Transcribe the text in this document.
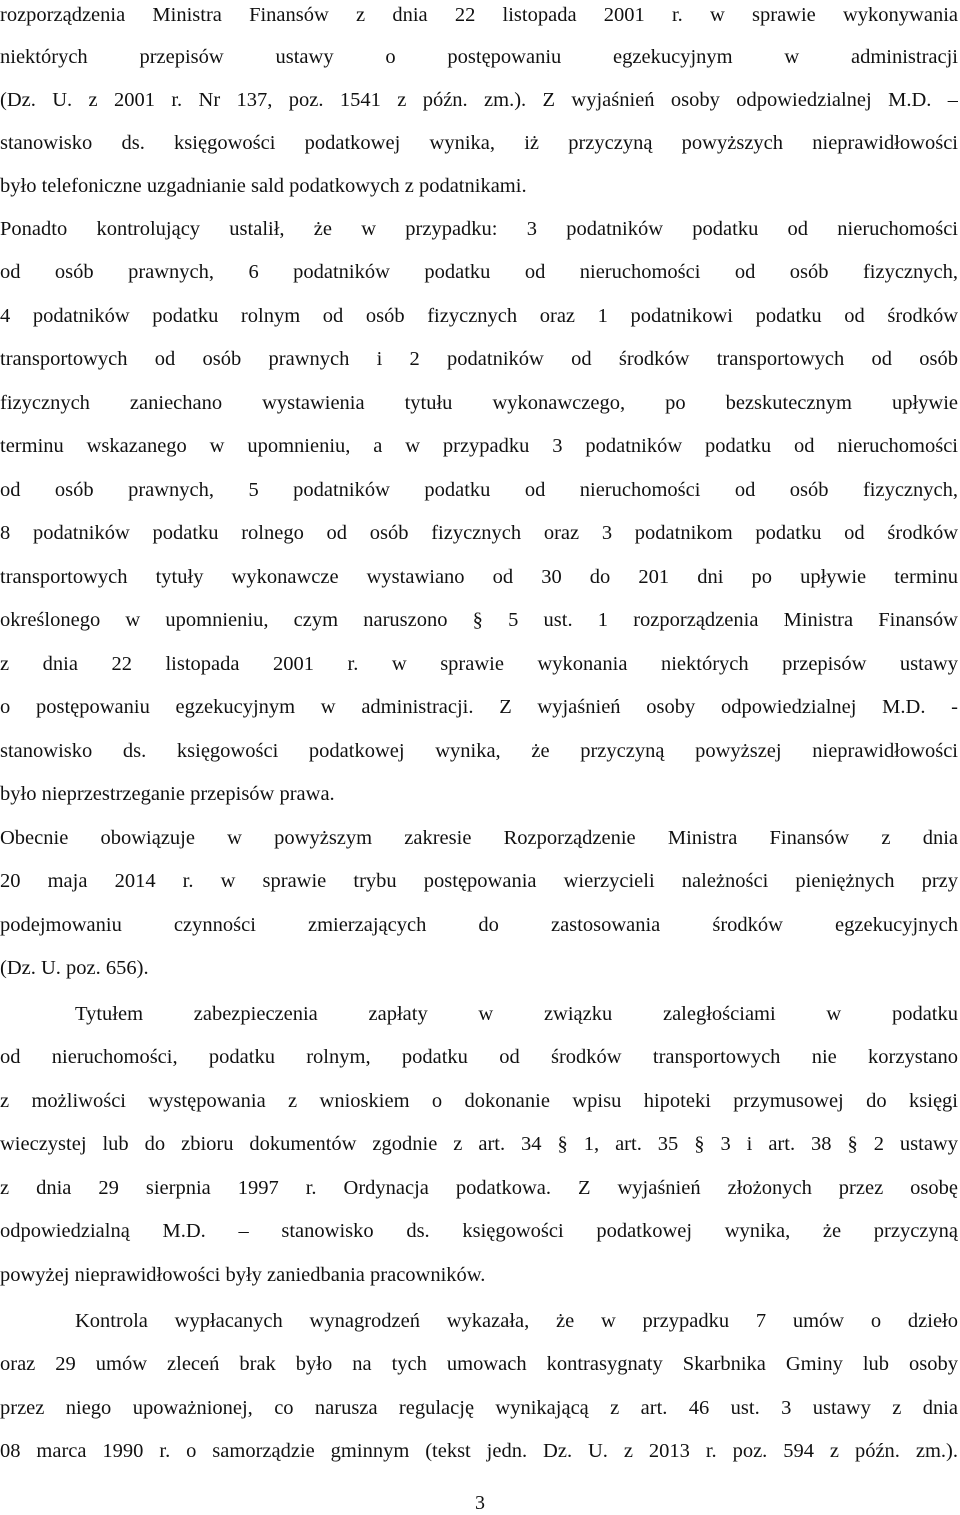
rozporządzenia Ministra Finansów z dnia 22 listopada 2001 r. w sprawie wykonywania
niektórych przepisów ustawy o postępowaniu egzekucyjnym w administracji
(Dz. U. z 2001 r. Nr 137, poz. 1541 z późn. zm.). Z wyjaśnień osoby odpowiedzialnej M.D. –
stanowisko ds. księgowości podatkowej wynika, iż przyczyną powyższych nieprawidłowości
było telefoniczne uzgadnianie sald podatkowych z podatnikami.
Ponadto kontrolujący ustalił, że w przypadku: 3 podatników podatku od nieruchomości
od osób prawnych, 6 podatników podatku od nieruchomości od osób fizycznych,
4 podatników podatku rolnym od osób fizycznych oraz 1 podatnikowi podatku od środków
transportowych od osób prawnych i 2 podatników od środków transportowych od osób
fizycznych zaniechano wystawienia tytułu wykonawczego, po bezskutecznym upływie
terminu wskazanego w upomnieniu, a w przypadku 3 podatników podatku od nieruchomości
od osób prawnych, 5 podatników podatku od nieruchomości od osób fizycznych,
8 podatników podatku rolnego od osób fizycznych oraz 3 podatnikom podatku od środków
transportowych tytuły wykonawcze wystawiano od 30 do 201 dni po upływie terminu
określonego w upomnieniu, czym naruszono § 5 ust. 1 rozporządzenia Ministra Finansów
z dnia 22 listopada 2001 r. w sprawie wykonania niektórych przepisów ustawy
o postępowaniu egzekucyjnym w administracji. Z wyjaśnień osoby odpowiedzialnej M.D. -
stanowisko ds. księgowości podatkowej wynika, że przyczyną powyższej nieprawidłowości
było nieprzestrzeganie przepisów prawa.
Obecnie obowiązuje w powyższym zakresie Rozporządzenie Ministra Finansów z dnia
20 maja 2014 r. w sprawie trybu postępowania wierzycieli należności pieniężnych przy
podejmowaniu czynności zmierzających do zastosowania środków egzekucyjnych
(Dz. U. poz. 656).
Tytułem zabezpieczenia zapłaty w związku zaległościami w podatku
od nieruchomości, podatku rolnym, podatku od środków transportowych nie korzystano
z możliwości występowania z wnioskiem o dokonanie wpisu hipoteki przymusowej do księgi
wieczystej lub do zbioru dokumentów zgodnie z art. 34 § 1, art. 35 § 3 i art. 38 § 2 ustawy
z dnia 29 sierpnia 1997 r. Ordynacja podatkowa. Z wyjaśnień złożonych przez osobę
odpowiedzialną M.D. – stanowisko ds. księgowości podatkowej wynika, że przyczyną
powyżej nieprawidłowości były zaniedbania pracowników.
Kontrola wypłacanych wynagrodzeń wykazała, że w przypadku 7 umów o dzieło
oraz 29 umów zleceń brak było na tych umowach kontrasygnaty Skarbnika Gminy lub osoby
przez niego upoważnionej, co narusza regulację wynikającą z art. 46 ust. 3 ustawy z dnia
08 marca 1990 r. o samorządzie gminnym (tekst jedn. Dz. U. z 2013 r. poz. 594 z późn. zm.).
3
